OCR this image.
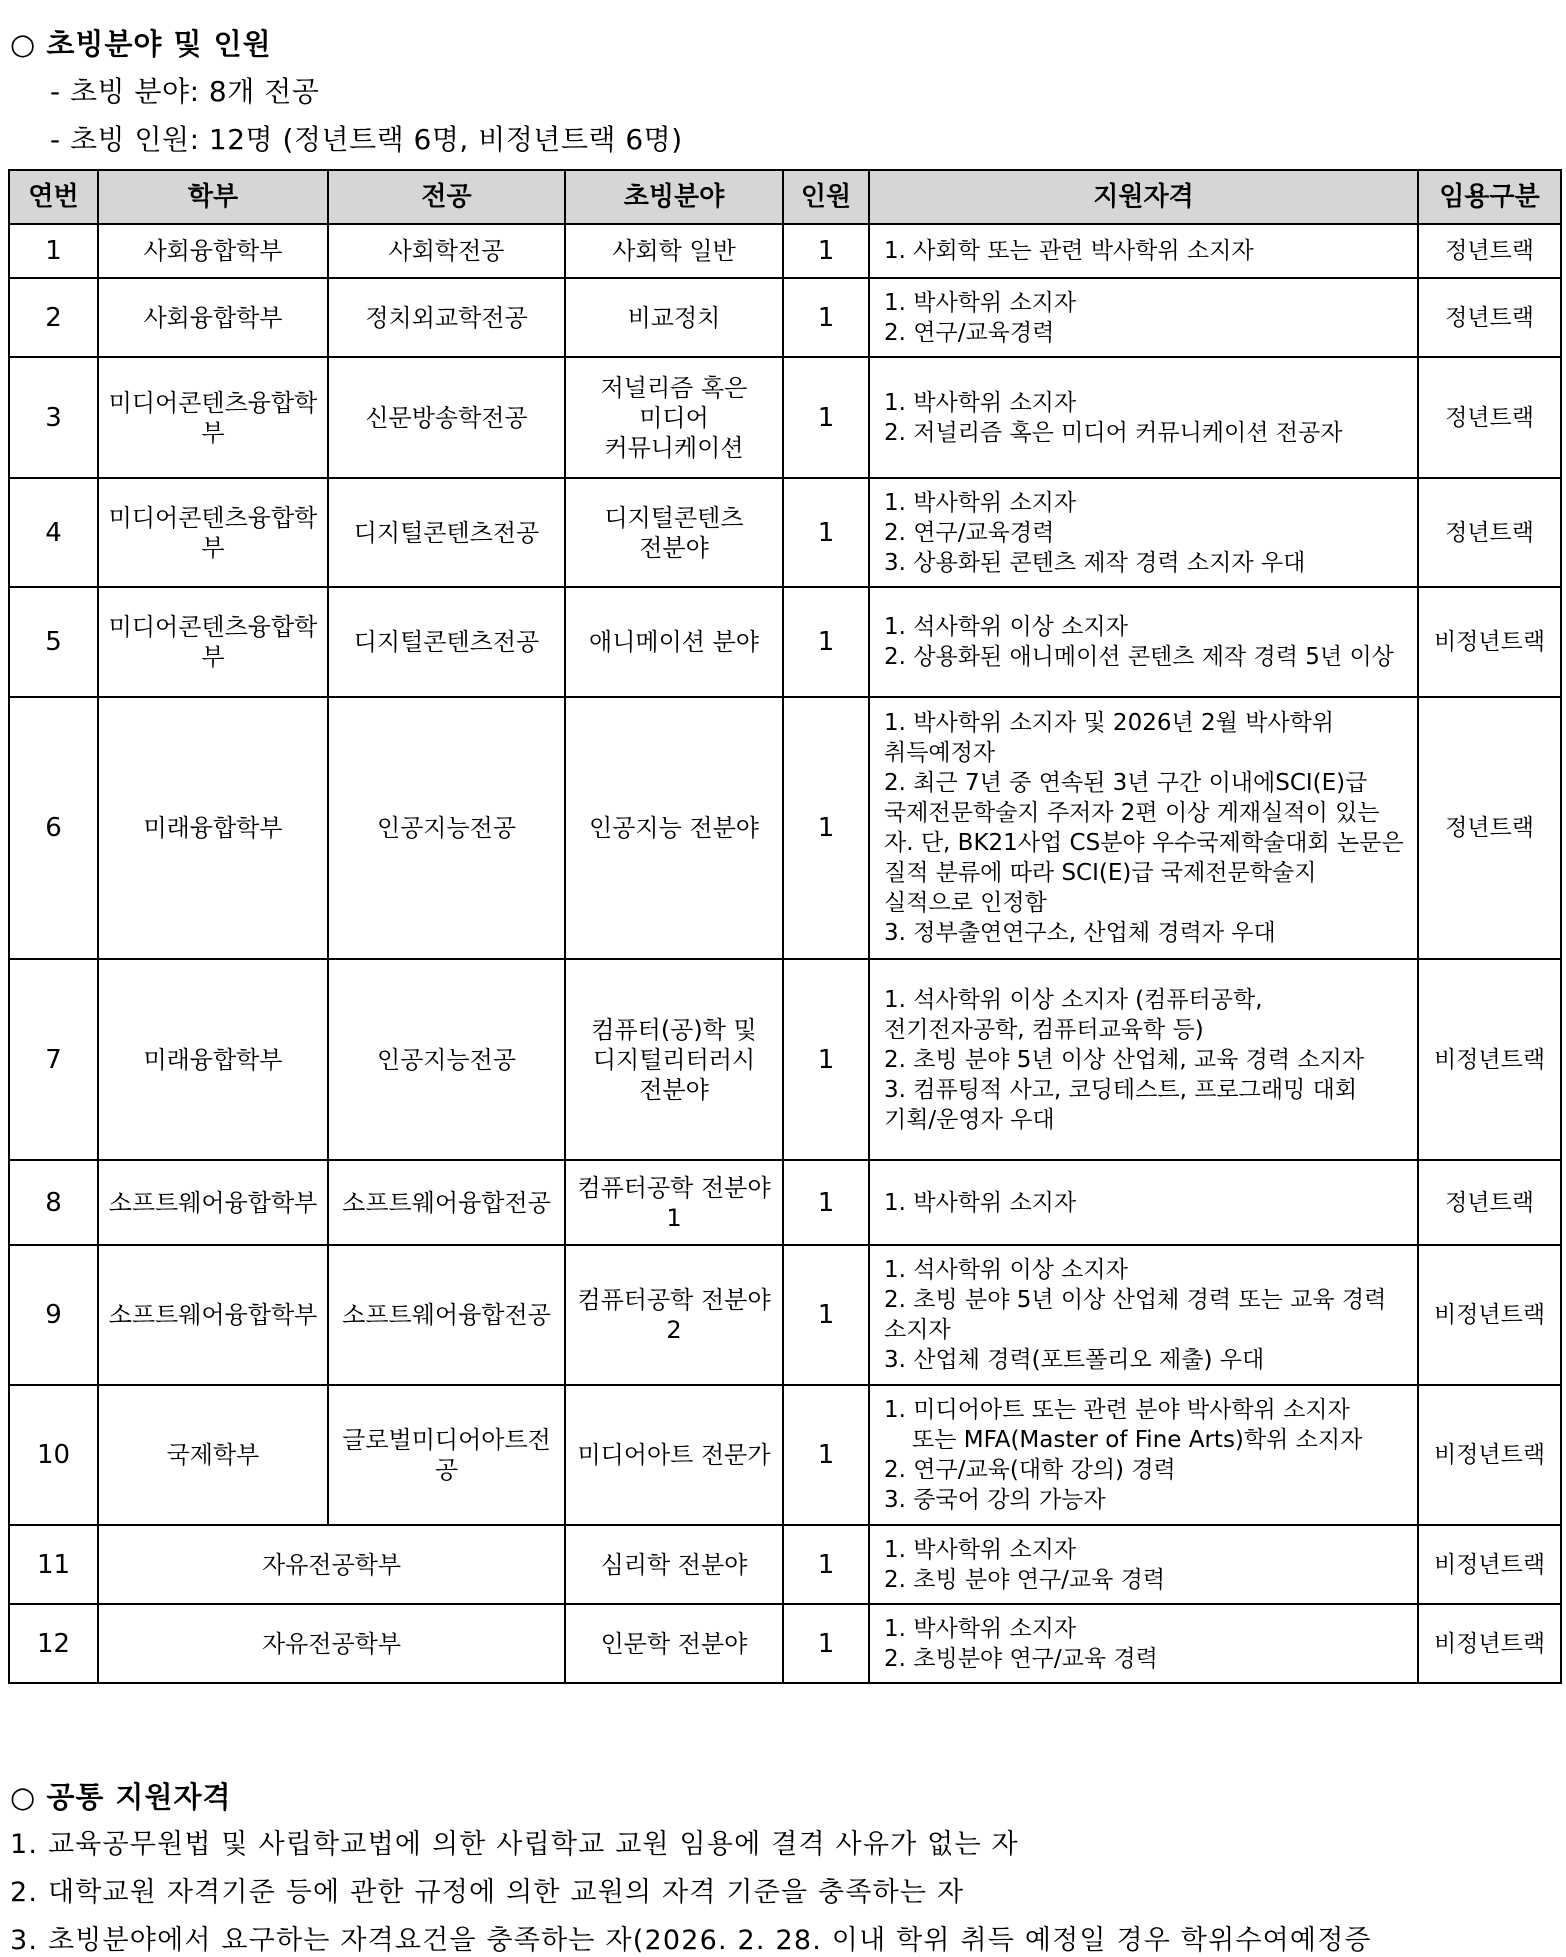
○ 초빙분야 및 인원
- 초빙 분야: 8개 전공
- 초빙 인원: 12명 (정년트랙 6명, 비정년트랙 6명)
연번	학부	전공	초빙분야	인원	지원자격	임용구분
1	사회융합학부	사회학전공	사회학 일반	1	1. 사회학 또는 관련 박사학위 소지자	정년트랙
2	사회융합학부	정치외교학전공	비교정치	1	1. 박사학위 소지자
2. 연구/교육경력	정년트랙
3	미디어콘텐츠융합학부	신문방송학전공	저널리즘 혹은 미디어 커뮤니케이션	1	1. 박사학위 소지자
2. 저널리즘 혹은 미디어 커뮤니케이션 전공자	정년트랙
4	미디어콘텐츠융합학부	디지털콘텐츠전공	디지털콘텐츠 전분야	1	1. 박사학위 소지자
2. 연구/교육경력
3. 상용화된 콘텐츠 제작 경력 소지자 우대	정년트랙
5	미디어콘텐츠융합학부	디지털콘텐츠전공	애니메이션 분야	1	1. 석사학위 이상 소지자
2. 상용화된 애니메이션 콘텐츠 제작 경력 5년 이상	비정년트랙
6	미래융합학부	인공지능전공	인공지능 전분야	1	1. 박사학위 소지자 및 2026년 2월 박사학위 취득예정자
2. 최근 7년 중 연속된 3년 구간 이내에SCI(E)급 국제전문학술지 주저자 2편 이상 게재실적이 있는 자. 단, BK21사업 CS분야 우수국제학술대회 논문은 질적 분류에 따라 SCI(E)급 국제전문학술지 실적으로 인정함
3. 정부출연연구소, 산업체 경력자 우대	정년트랙
7	미래융합학부	인공지능전공	컴퓨터(공)학 및 디지털리터러시 전분야	1	1. 석사학위 이상 소지자 (컴퓨터공학, 전기전자공학, 컴퓨터교육학 등)
2. 초빙 분야 5년 이상 산업체, 교육 경력 소지자
3. 컴퓨팅적 사고, 코딩테스트, 프로그래밍 대회 기획/운영자 우대	비정년트랙
8	소프트웨어융합학부	소프트웨어융합전공	컴퓨터공학 전분야 1	1	1. 박사학위 소지자	정년트랙
9	소프트웨어융합학부	소프트웨어융합전공	컴퓨터공학 전분야 2	1	1. 석사학위 이상 소지자
2. 초빙 분야 5년 이상 산업체 경력 또는 교육 경력 소지자
3. 산업체 경력(포트폴리오 제출) 우대	비정년트랙
10	국제학부	글로벌미디어아트전공	미디어아트 전문가	1	1. 미디어아트 또는 관련 분야 박사학위 소지자
또는 MFA(Master of Fine Arts)학위 소지자
2. 연구/교육(대학 강의) 경력
3. 중국어 강의 가능자	비정년트랙
11	자유전공학부		심리학 전분야	1	1. 박사학위 소지자
2. 초빙 분야 연구/교육 경력	비정년트랙
12	자유전공학부		인문학 전분야	1	1. 박사학위 소지자
2. 초빙분야 연구/교육 경력	비정년트랙
○ 공통 지원자격
1. 교육공무원법 및 사립학교법에 의한 사립학교 교원 임용에 결격 사유가 없는 자
2. 대학교원 자격기준 등에 관한 규정에 의한 교원의 자격 기준을 충족하는 자
3. 초빙분야에서 요구하는 자격요건을 충족하는 자(2026. 2. 28. 이내 학위 취득 예정일 경우 학위수여예정증
